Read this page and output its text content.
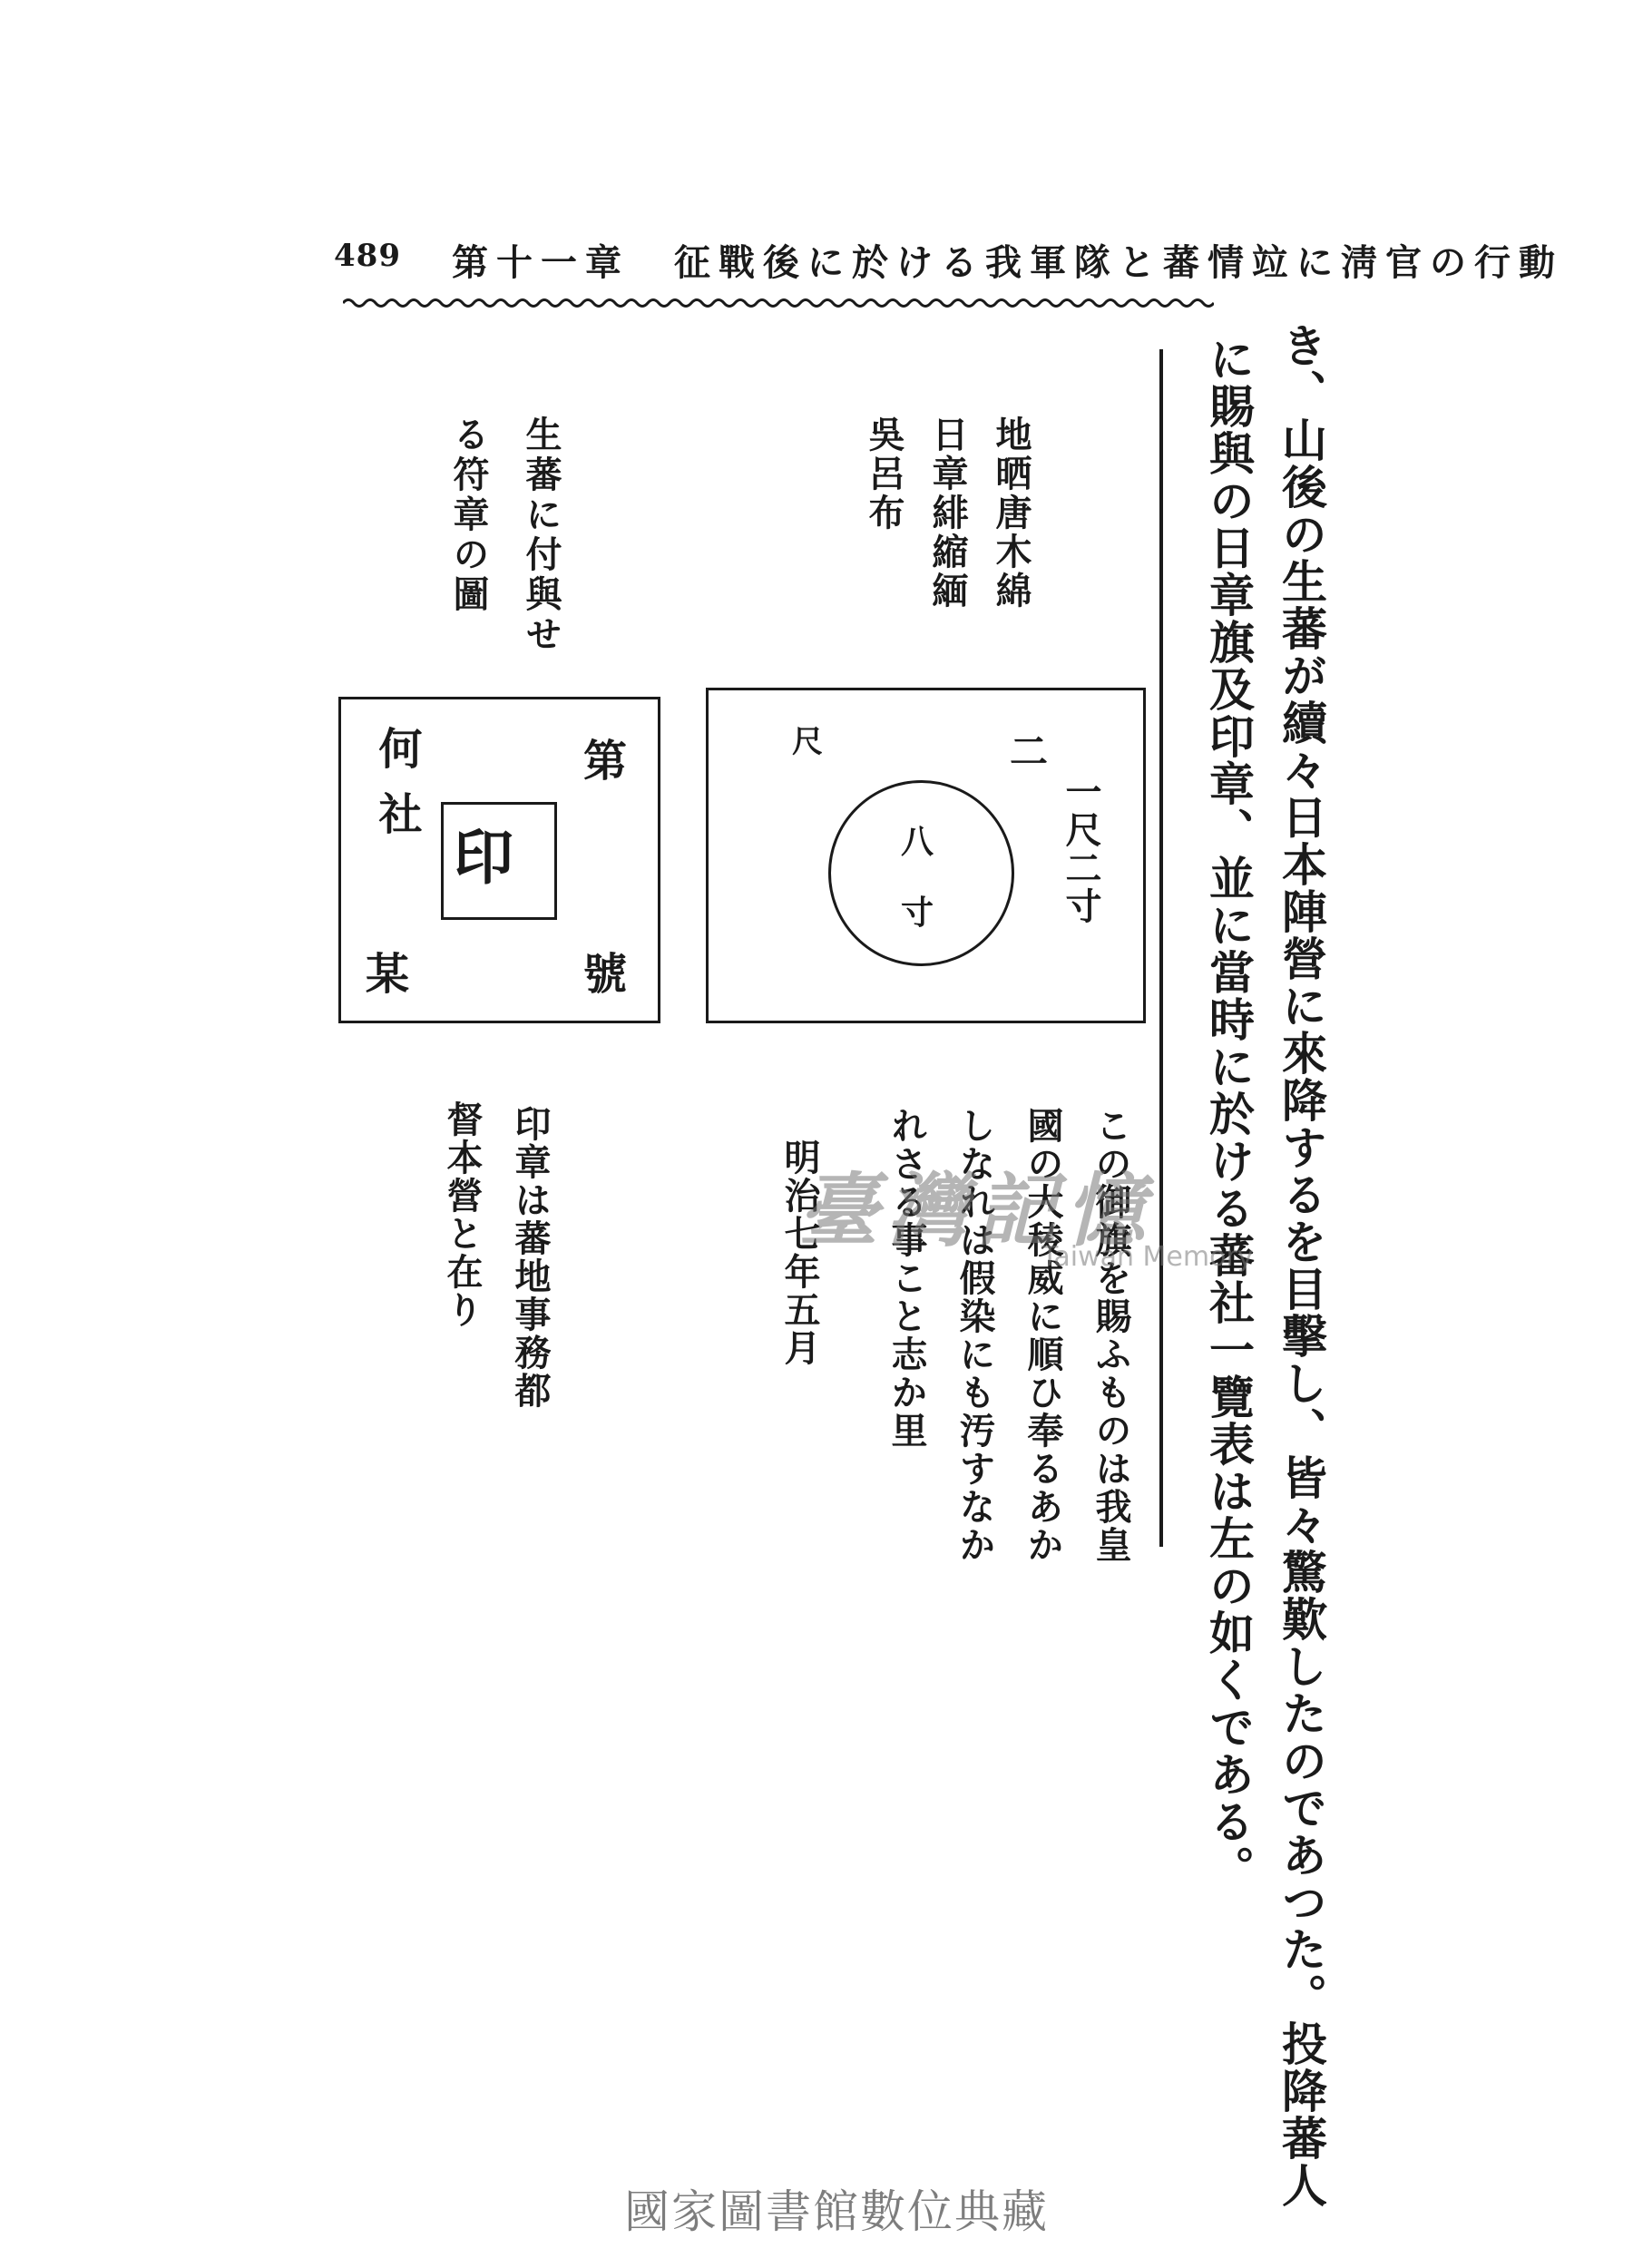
489 第十一章　征戰後に於ける我軍隊と蕃情竝に淸官の行動
き、山後の生蕃が續々日本陣營に來降するを目擊し、皆々驚歎したのであつた。投降蕃人
に賜與の日章旗及印章、並に當時に於ける蕃社一覽表は左の如くである。
地晒唐木綿
日章緋縮緬
吳呂布
生蕃に付與せ
る符章の圖
一尺二寸
二
尺
八
寸
第
號
何社
某
印
この御旗を賜ふものは我皇
國の大稜威に順ひ奉るあか
しなれは假染にも汚すなか
れさる事こと志か里
明治七年五月
印章は蕃地事務都
督本營と在り	臺灣記憶
Taiwan Memory
國家圖書館數位典藏
